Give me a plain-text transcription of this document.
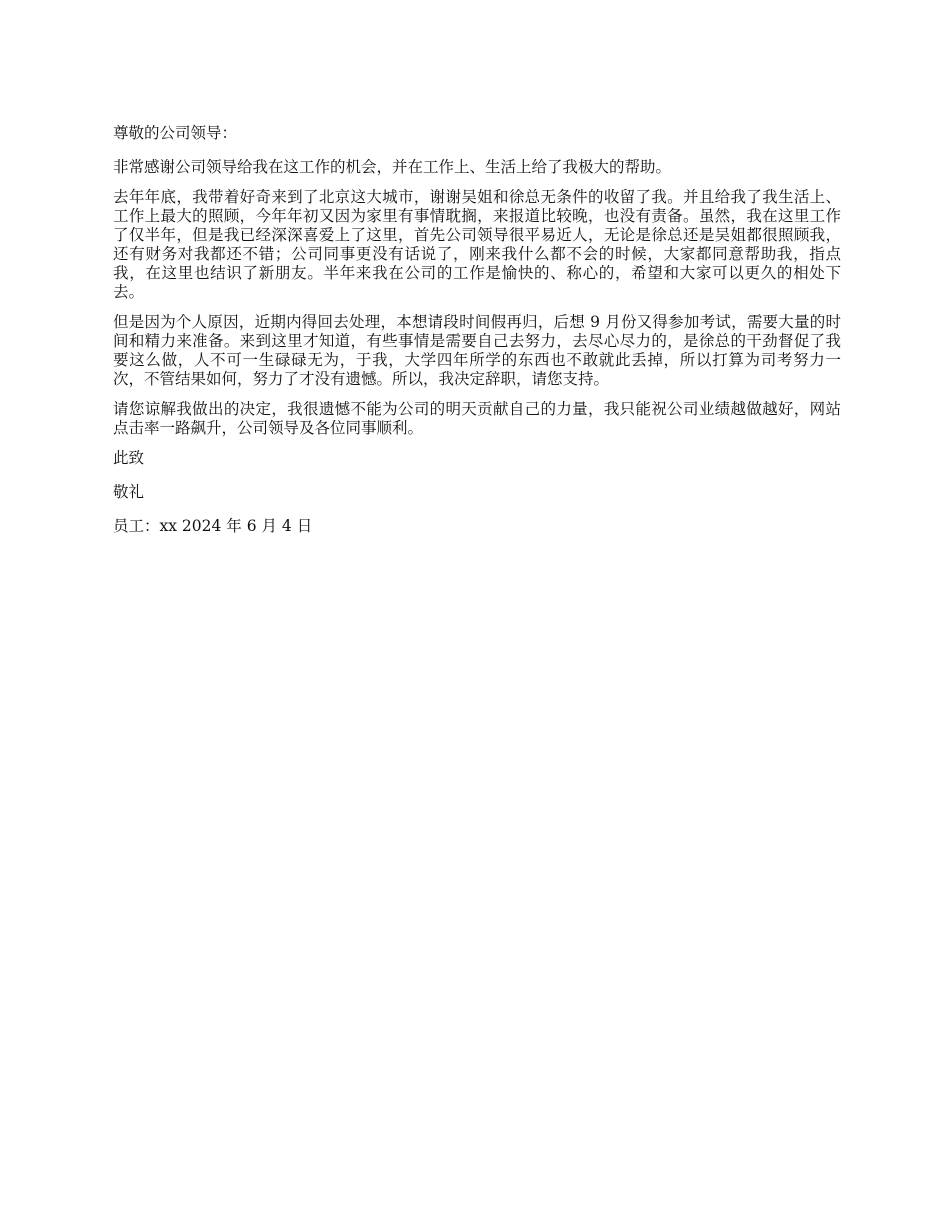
尊敬的公司领导：

非常感谢公司领导给我在这工作的机会，并在工作上、生活上给了我极大的帮助。

去年年底，我带着好奇来到了北京这大城市，谢谢吴姐和徐总无条件的收留了我。并且给我了我生活上、工作上最大的照顾，今年年初又因为家里有事情耽搁，来报道比较晚，也没有责备。虽然，我在这里工作了仅半年，但是我已经深深喜爱上了这里，首先公司领导很平易近人，无论是徐总还是吴姐都很照顾我，还有财务对我都还不错；公司同事更没有话说了，刚来我什么都不会的时候，大家都同意帮助我，指点我，在这里也结识了新朋友。半年来我在公司的工作是愉快的、称心的，希望和大家可以更久的相处下去。

但是因为个人原因，近期内得回去处理，本想请段时间假再归，后想 9 月份又得参加考试，需要大量的时间和精力来准备。来到这里才知道，有些事情是需要自己去努力，去尽心尽力的，是徐总的干劲督促了我要这么做，人不可一生碌碌无为，于我，大学四年所学的东西也不敢就此丢掉，所以打算为司考努力一次，不管结果如何，努力了才没有遗憾。所以，我决定辞职，请您支持。

请您谅解我做出的决定，我很遗憾不能为公司的明天贡献自己的力量，我只能祝公司业绩越做越好，网站点击率一路飙升，公司领导及各位同事顺利。

此致

敬礼

员工：xx 2024 年 6 月 4 日
